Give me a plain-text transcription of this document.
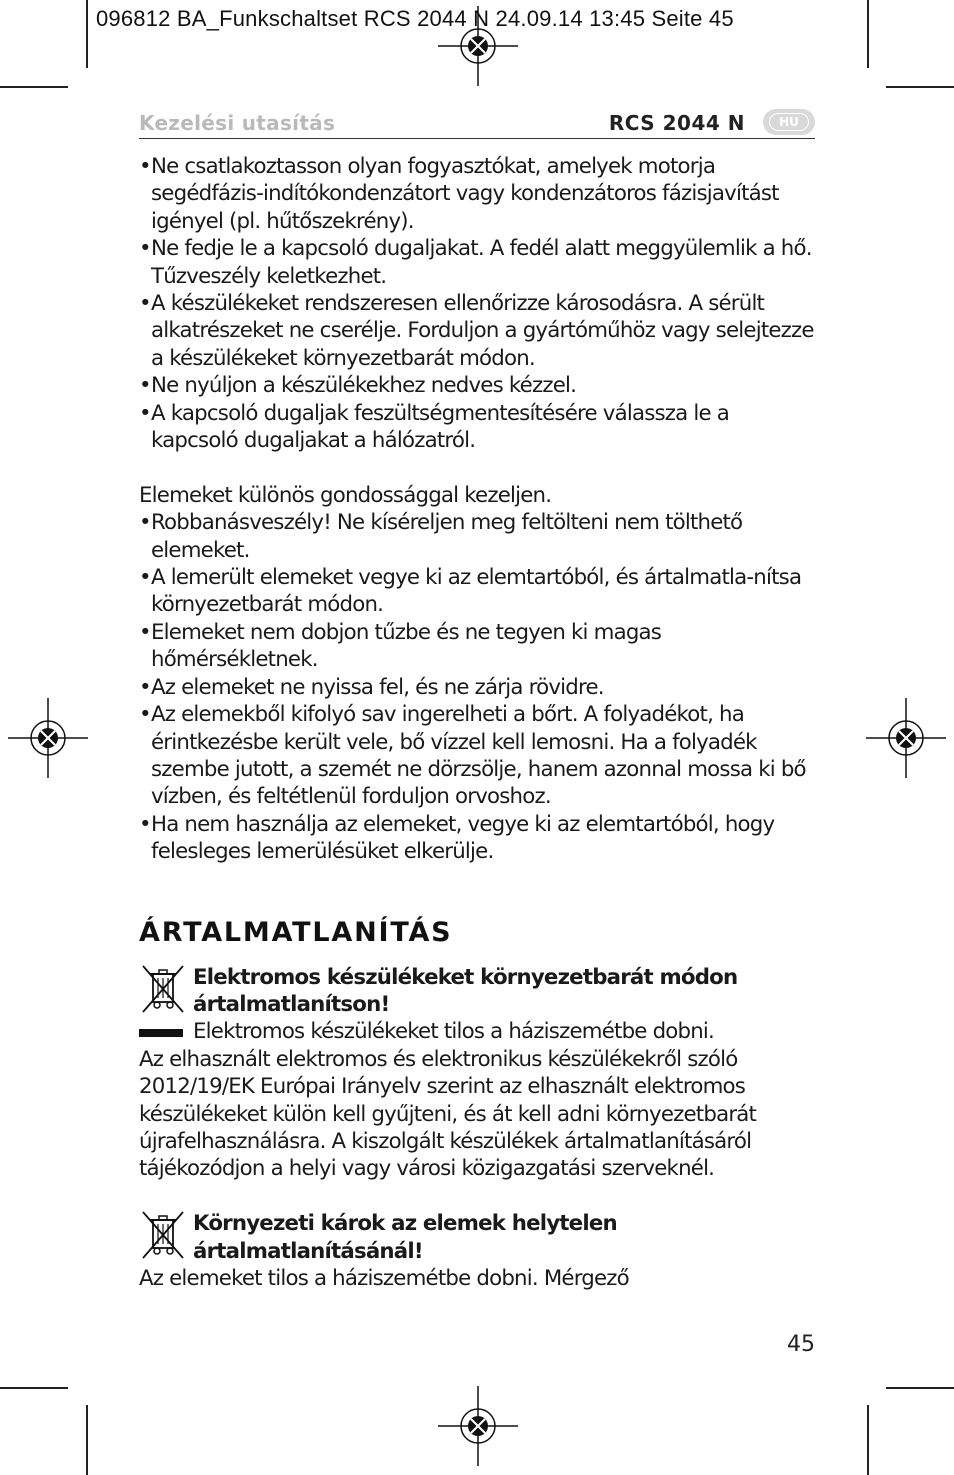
096812 BA_Funkschaltset RCS 2044 N 24.09.14 13:45 Seite 45
Kezelési utasítás	RCS 2044 N	HU
• Ne csatlakoztasson olyan fogyasztókat, amelyek motorja segédfázis-indítókondenzátort vagy kondenzátoros fázisjavítást igényel (pl. hűtőszekrény).
• Ne fedje le a kapcsoló dugaljakat. A fedél alatt meggyülemlik a hő. Tűzveszély keletkezhet.
• A készülékeket rendszeresen ellenőrizze károsodásra. A sérült alkatrészeket ne cserélje. Forduljon a gyártóműhöz vagy selejtezze a készülékeket környezetbarát módon.
• Ne nyúljon a készülékekhez nedves kézzel.
• A kapcsoló dugaljak feszültségmentesítésére válassza le a kapcsoló dugaljakat a hálózatról.

Elemeket különös gondossággal kezeljen.

• Robbanásveszély! Ne kíséreljen meg feltölteni nem tölthető elemeket.
• A lemerült elemeket vegye ki az elemtartóból, és ártalmatla-nítsa környezetbarát módon.
• Elemeket nem dobjon tűzbe és ne tegyen ki magas hőmérsékletnek.
• Az elemeket ne nyissa fel, és ne zárja rövidre.
• Az elemekből kifolyó sav ingerelheti a bőrt. A folyadékot, ha érintkezésbe került vele, bő vízzel kell lemosni. Ha a folyadék szembe jutott, a szemét ne dörzsölje, hanem azonnal mossa ki bő vízben, és feltétlenül forduljon orvoshoz.
• Ha nem használja az elemeket, vegye ki az elemtartóból, hogy felesleges lemerülésüket elkerülje.
ÁRTALMATLANÍTÁS
Elektromos készülékeket környezetbarát módon ártalmatlanítson!
Elektromos készülékeket tilos a háziszemétbe dobni.

Az elhasznált elektromos és elektronikus készülékekről szóló 2012/19/EK Európai Irányelv szerint az elhasznált elektromos készülékeket külön kell gyűjteni, és át kell adni környezetbarát újrafelhasználásra. A kiszolgált készülékek ártalmatlanításáról tájékozódjon a helyi vagy városi közigazgatási szerveknél.

Környezeti károk az elemek helytelen ártalmatlanításánál!

Az elemeket tilos a háziszemétbe dobni. Mérgező

45
